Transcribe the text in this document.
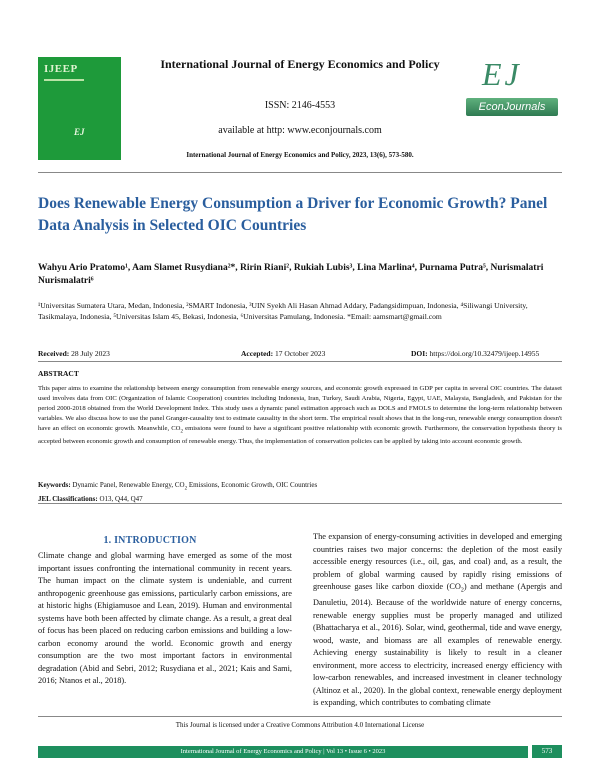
IJEEP
EJ
International Journal of Energy Economics and Policy
ISSN: 2146-4553
available at http: www.econjournals.com
International Journal of Energy Economics and Policy, 2023, 13(6), 573-580.
EJ
EconJournals
Does Renewable Energy Consumption a Driver for Economic Growth? Panel Data Analysis in Selected OIC Countries
Wahyu Ario Pratomo¹, Aam Slamet Rusydiana²*, Ririn Riani², Rukiah Lubis³, Lina Marlina⁴, Purnama Putra⁵, Nurismalatri Nurismalatri⁶
¹Universitas Sumatera Utara, Medan, Indonesia, ²SMART Indonesia, ³UIN Syekh Ali Hasan Ahmad Addary, Padangsidimpuan, Indonesia, ⁴Siliwangi University, Tasikmalaya, Indonesia, ⁵Universitas Islam 45, Bekasi, Indonesia, ⁶Universitas Pamulang, Indonesia. *Email: aamsmart@gmail.com
Received: 28 July 2023	Accepted: 17 October 2023	DOI: https://doi.org/10.32479/ijeep.14955
ABSTRACT
This paper aims to examine the relationship between energy consumption from renewable energy sources, and economic growth expressed in GDP per capita in several OIC countries. The dataset used involves data from OIC (Organization of Islamic Cooperation) countries including Indonesia, Iran, Turkey, Saudi Arabia, Nigeria, Egypt, UAE, Malaysia, Bangladesh, and Pakistan for the period 2000-2018 obtained from the World Development Index. This study uses a dynamic panel estimation approach such as DOLS and FMOLS to determine the long-term relationship between variables. We also discuss how to use the panel Granger-causality test to estimate causality in the short term. The empirical result shows that in the long-run, renewable energy consumption doesn't have an effect on economic growth. Meanwhile, $CO_2$ emissions were found to have a significant positive relationship with economic growth. Furthermore, the conservation hypothesis theory is accepted between economic growth and consumption of renewable energy. Thus, the implementation of conservation policies can be applied by taking into account economic growth.
Keywords: Dynamic Panel, Renewable Energy, $CO_2$ Emissions, Economic Growth, OIC Countries
JEL Classifications: O13, Q44, Q47
1. INTRODUCTION
Climate change and global warming have emerged as some of the most important issues confronting the international community in recent years. The human impact on the climate system is undeniable, and current anthropogenic greenhouse gas emissions, particularly carbon emissions, are at historic highs (Ehigiamusoe and Lean, 2019). Human and environmental systems have both been affected by climate change. As a result, a great deal of focus has been placed on reducing carbon emissions and building a low-carbon economy around the world. Economic growth and energy consumption are the two most important factors in environmental degradation (Abid and Sebri, 2012; Rusydiana et al., 2021; Kais and Sami, 2016; Ntanos et al., 2018).
The expansion of energy-consuming activities in developed and emerging countries raises two major concerns: the depletion of the most easily accessible energy resources (i.e., oil, gas, and coal) and, as a result, the problem of global warming caused by rapidly rising emissions of greenhouse gases like carbon dioxide $(CO_2)$ and methane (Apergis and Danuletiu, 2014). Because of the worldwide nature of energy concerns, renewable energy supplies must be properly managed and utilized (Bhattacharya et al., 2016). Solar, wind, geothermal, tide and wave energy, wood, waste, and biomass are all examples of renewable energy. Achieving energy sustainability is likely to result in a cleaner environment, more access to electricity, increased energy efficiency with low-carbon renewables, and increased investment in cleaner technology (Altinoz et al., 2020). In the global context, renewable energy deployment is expanding, which contributes to combating climate
This Journal is licensed under a Creative Commons Attribution 4.0 International License
International Journal of Energy Economics and Policy | Vol 13 • Issue 6 • 2023	573
